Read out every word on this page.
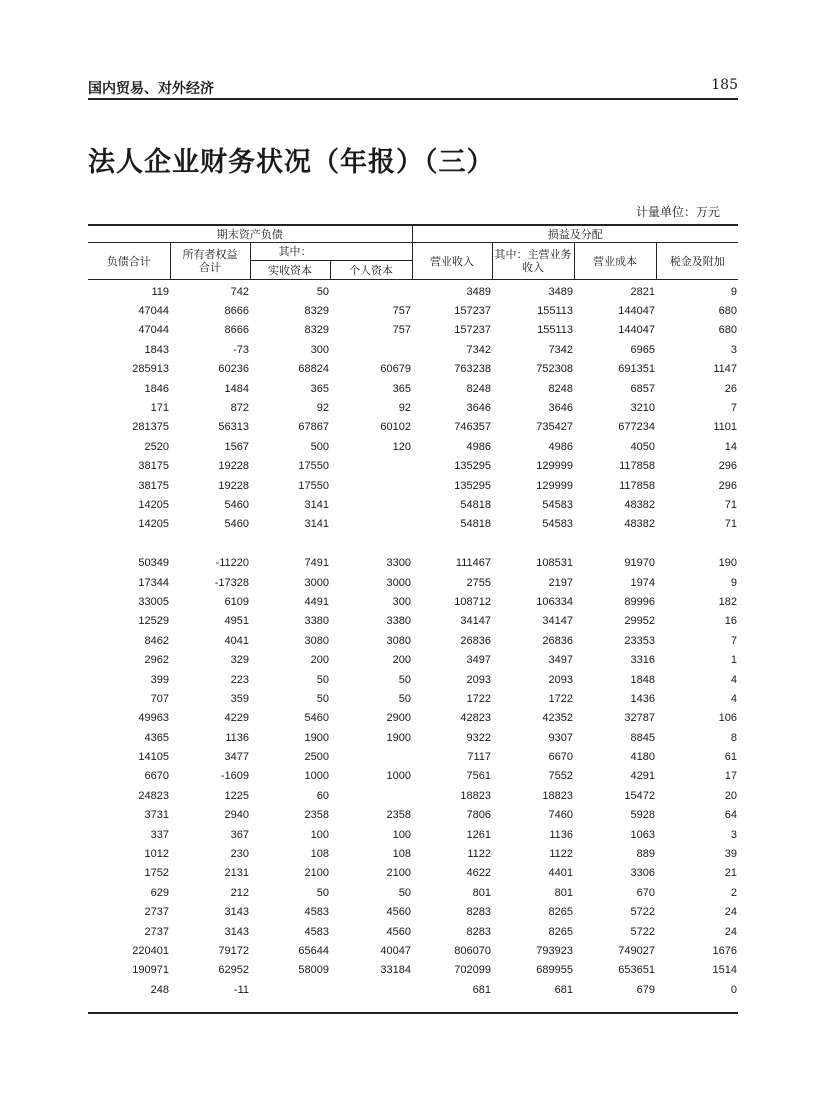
国内贸易、对外经济	185
法人企业财务状况（年报）（三）
计量单位：万元
期末资产负债				损益及分配			
负债合计	所有者权益合计	其中：		营业收入	其中：主营业务收入	营业成本	税金及附加
		实收资本	个人资本				
119	742	50		3489	3489	2821	9
47044	8666	8329	757	157237	155113	144047	680
47044	8666	8329	757	157237	155113	144047	680
1843	-73	300		7342	7342	6965	3
285913	60236	68824	60679	763238	752308	691351	1147
1846	1484	365	365	8248	8248	6857	26
171	872	92	92	3646	3646	3210	7
281375	56313	67867	60102	746357	735427	677234	1101
2520	1567	500	120	4986	4986	4050	14
38175	19228	17550		135295	129999	117858	296
38175	19228	17550		135295	129999	117858	296
14205	5460	3141		54818	54583	48382	71
14205	5460	3141		54818	54583	48382	71

50349	-11220	7491	3300	111467	108531	91970	190
17344	-17328	3000	3000	2755	2197	1974	9
33005	6109	4491	300	108712	106334	89996	182
12529	4951	3380	3380	34147	34147	29952	16
8462	4041	3080	3080	26836	26836	23353	7
2962	329	200	200	3497	3497	3316	1
399	223	50	50	2093	2093	1848	4
707	359	50	50	1722	1722	1436	4
49963	4229	5460	2900	42823	42352	32787	106
4365	1136	1900	1900	9322	9307	8845	8
14105	3477	2500		7117	6670	4180	61
6670	-1609	1000	1000	7561	7552	4291	17
24823	1225	60		18823	18823	15472	20
3731	2940	2358	2358	7806	7460	5928	64
337	367	100	100	1261	1136	1063	3
1012	230	108	108	1122	1122	889	39
1752	2131	2100	2100	4622	4401	3306	21
629	212	50	50	801	801	670	2
2737	3143	4583	4560	8283	8265	5722	24
2737	3143	4583	4560	8283	8265	5722	24
220401	79172	65644	40047	806070	793923	749027	1676
190971	62952	58009	33184	702099	689955	653651	1514
248	-11			681	681	679	0
